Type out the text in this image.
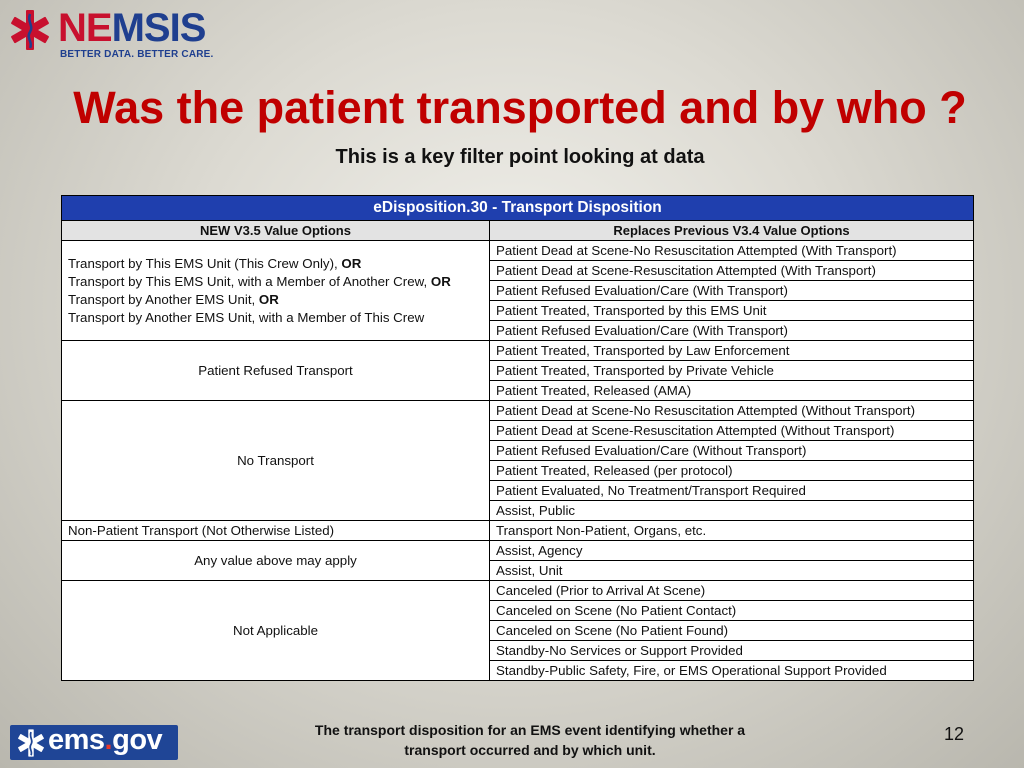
NEMSIS
BETTER DATA. BETTER CARE.
Was the patient transported and by who ?
This is a key filter point looking at data
eDisposition.30 - Transport Disposition	
NEW V3.5 Value Options	Replaces Previous V3.4 Value Options

Transport by This EMS Unit (This Crew Only), OR
Transport by This EMS Unit, with a Member of Another Crew, OR
Transport by Another EMS Unit, OR
Transport by Another EMS Unit, with a Member of This Crew	Patient Dead at Scene-No Resuscitation Attempted (With Transport)
	Patient Dead at Scene-Resuscitation Attempted (With Transport)
	Patient Refused Evaluation/Care (With Transport)
	Patient Treated, Transported by this EMS Unit
	Patient Refused Evaluation/Care (With Transport)

Patient Refused Transport	Patient Treated, Transported by Law Enforcement
	Patient Treated, Transported by Private Vehicle
	Patient Treated, Released (AMA)

No Transport	Patient Dead at Scene-No Resuscitation Attempted (Without Transport)
	Patient Dead at Scene-Resuscitation Attempted (Without Transport)
	Patient Refused Evaluation/Care (Without Transport)
	Patient Treated, Released (per protocol)
	Patient Evaluated, No Treatment/Transport Required
	Assist, Public

Non-Patient Transport (Not Otherwise Listed)	Transport Non-Patient, Organs, etc.

Any value above may apply	Assist, Agency
	Assist, Unit

Not Applicable	Canceled (Prior to Arrival At Scene)
	Canceled on Scene (No Patient Contact)
	Canceled on Scene (No Patient Found)
	Standby-No Services or Support Provided
	Standby-Public Safety, Fire, or EMS Operational Support Provided
The transport disposition for an EMS event identifying whether a
transport occurred and by which unit.
12
ems.gov
